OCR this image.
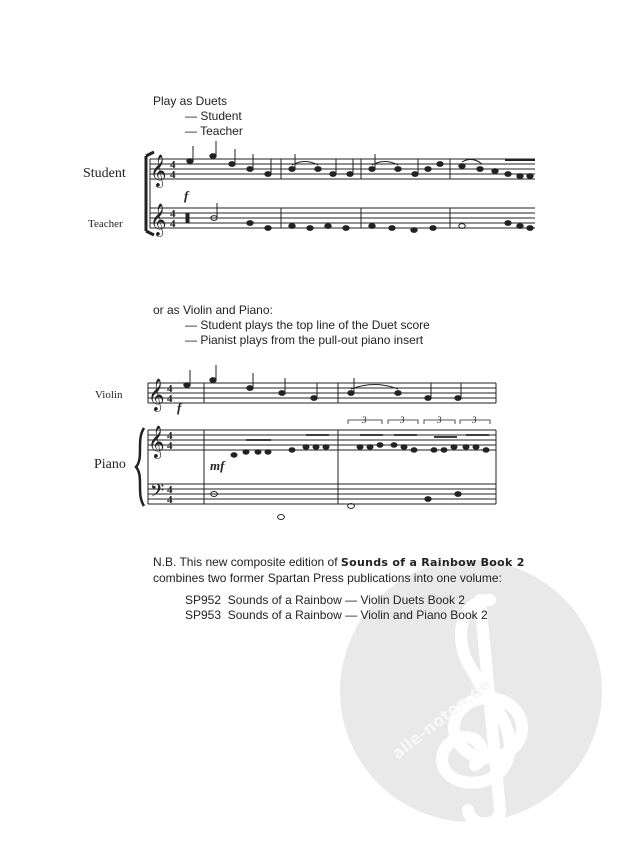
alle-noten.de
Play as Duets
— Student
— Teacher
or as Violin and Piano:
— Student plays the top line of the Duet score
— Pianist plays from the pull-out piano insert
𝄞
𝄞
𝄞
𝄞
𝄢
4
4
4
4
4
4
4
4
4
4
3	3	3	3
f
f
mf
Student
Teacher
Violin
Piano
N.B. This new composite edition of Sounds of a Rainbow Book 2
combines two former Spartan Press publications into one volume:
SP952 Sounds of a Rainbow — Violin Duets Book 2
SP953 Sounds of a Rainbow — Violin and Piano Book 2
